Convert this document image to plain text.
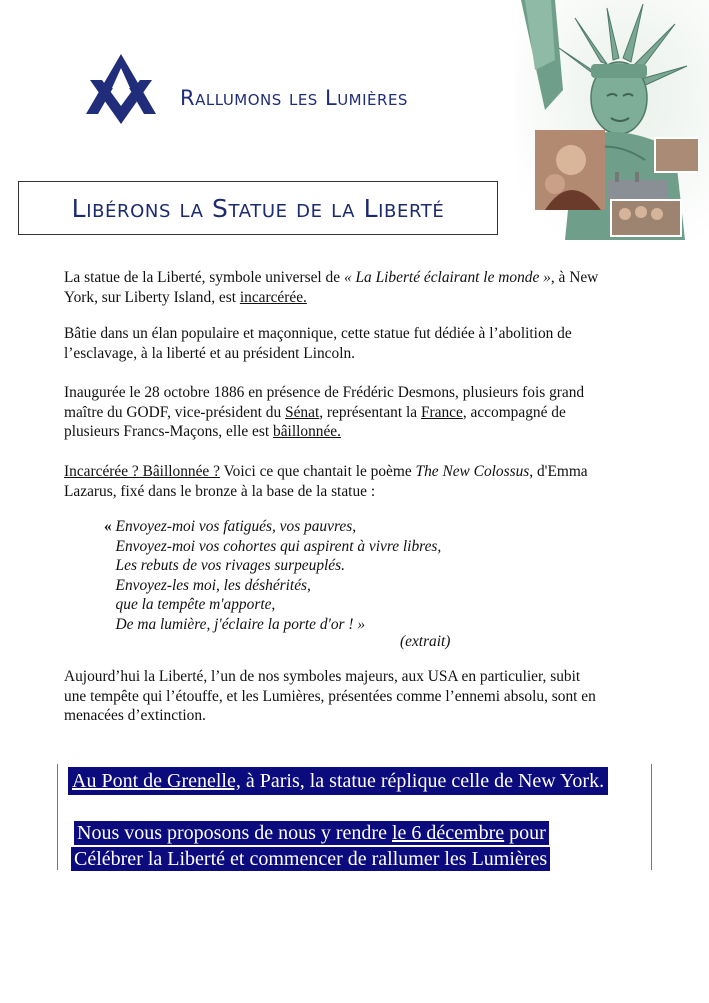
Rallumons les Lumières
Libérons la Statue de la Liberté

La statue de la Liberté, symbole universel de « La Liberté éclairant le monde », à New
York, sur Liberty Island, est incarcérée.

Bâtie dans un élan populaire et maçonnique, cette statue fut dédiée à l’abolition de
l’esclavage, à la liberté et au président Lincoln.

Inaugurée le 28 octobre 1886 en présence de Frédéric Desmons, plusieurs fois grand
maître du GODF, vice-président du Sénat, représentant la France, accompagné de
plusieurs Francs-Maçons, elle est bâillonnée.

Incarcérée ? Bâillonnée ? Voici ce que chantait le poème The New Colossus, d'Emma
Lazarus, fixé dans le bronze à la base de la statue :

« Envoyez-moi vos fatigués, vos pauvres,
Envoyez-moi vos cohortes qui aspirent à vivre libres,
Les rebuts de vos rivages surpeuplés.
Envoyez-les moi, les déshérités,
que la tempête m'apporte,
De ma lumière, j'éclaire la porte d'or ! »
(extrait)

Aujourd’hui la Liberté, l’un de nos symboles majeurs, aux USA en particulier, subit
une tempête qui l’étouffe, et les Lumières, présentées comme l’ennemi absolu, sont en
menacées d’extinction.

Au Pont de Grenelle, à Paris, la statue réplique celle de New York.
Nous vous proposons de nous y rendre le 6 décembre pour
Célébrer la Liberté et commencer de rallumer les Lumières
